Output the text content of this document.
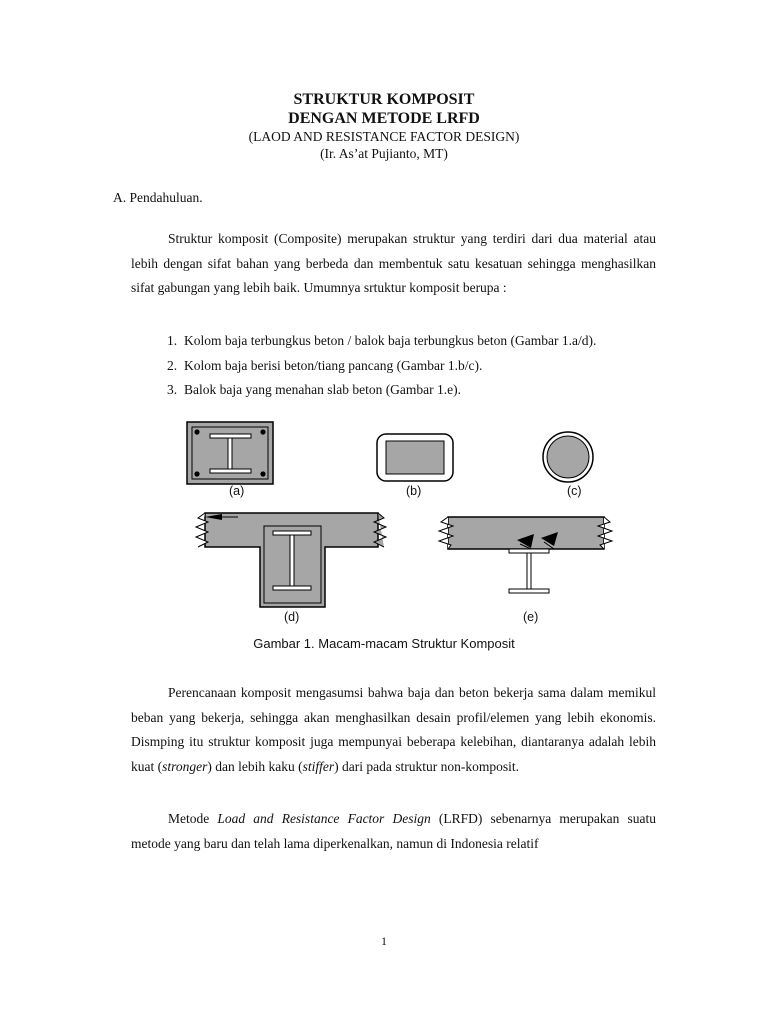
STRUKTUR KOMPOSIT
DENGAN METODE LRFD
(LAOD AND RESISTANCE FACTOR DESIGN)
(Ir. As’at Pujianto, MT)
A. Pendahuluan.

Struktur komposit (Composite) merupakan struktur yang terdiri dari dua material atau lebih dengan sifat bahan yang berbeda dan membentuk satu kesatuan sehingga menghasilkan sifat gabungan yang lebih baik. Umumnya srtuktur komposit berupa :

1. Kolom baja terbungkus beton / balok baja terbungkus beton (Gambar 1.a/d).
2. Kolom baja berisi beton/tiang pancang (Gambar 1.b/c).
3. Balok baja yang menahan slab beton (Gambar 1.e).
(a)	(b)	(c)
(d)	(e)
Gambar 1. Macam-macam Struktur Komposit

Perencanaan komposit mengasumsi bahwa baja dan beton bekerja sama dalam memikul beban yang bekerja, sehingga akan menghasilkan desain profil/elemen yang lebih ekonomis. Dismping itu struktur komposit juga mempunyai beberapa kelebihan, diantaranya adalah lebih kuat (stronger) dan lebih kaku (stiffer) dari pada struktur non-komposit.

Metode Load and Resistance Factor Design (LRFD) sebenarnya merupakan suatu metode yang baru dan telah lama diperkenalkan, namun di Indonesia relatif

1
